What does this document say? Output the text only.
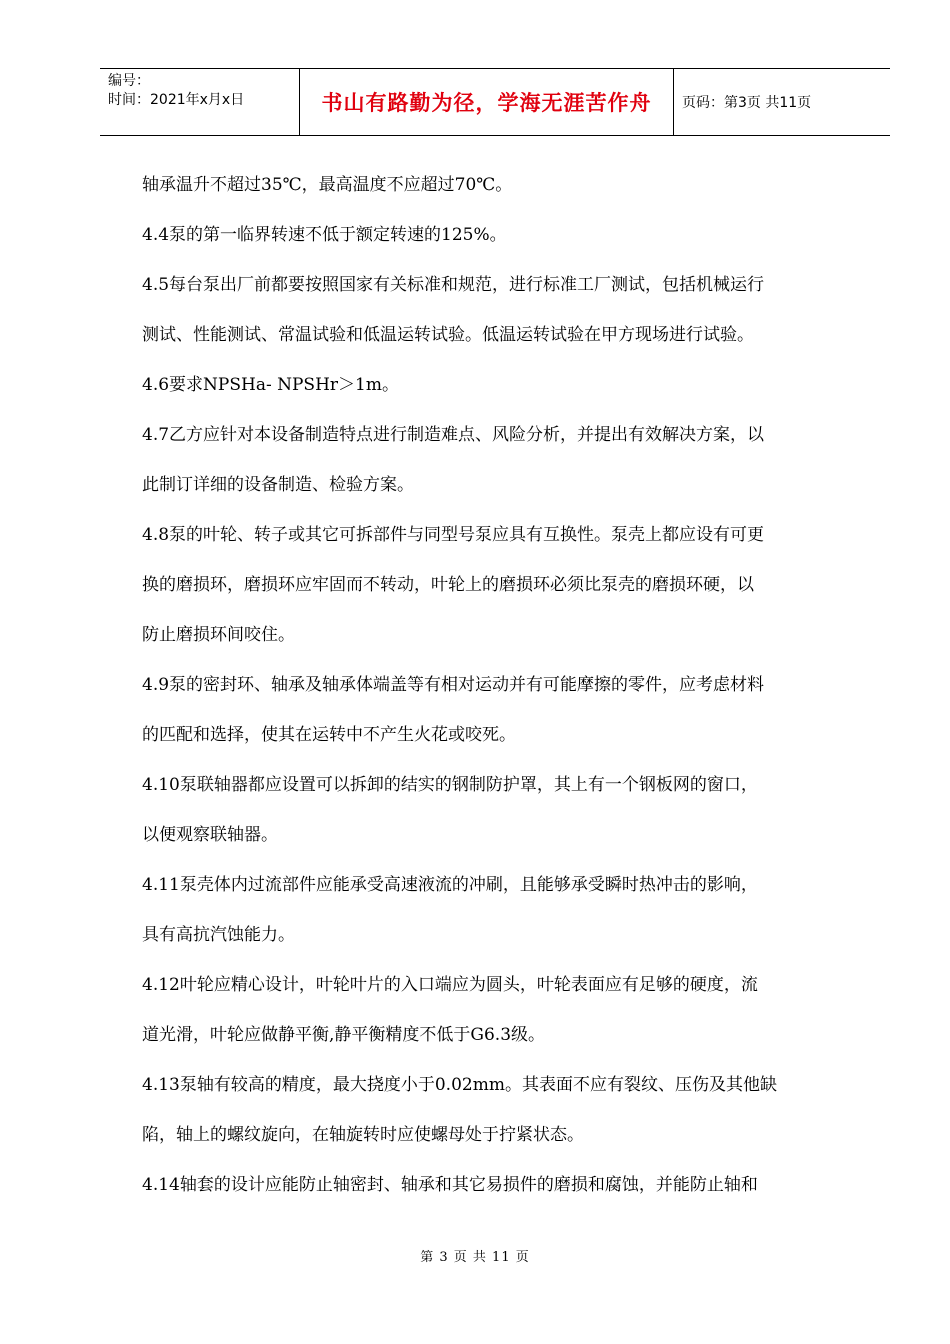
编号：
时间：2021年x月x日	书山有路勤为径，学海无涯苦作舟	页码：第3页 共11页

轴承温升不超过35℃，最高温度不应超过70℃。

4.4泵的第一临界转速不低于额定转速的125%。

4.5每台泵出厂前都要按照国家有关标准和规范，进行标准工厂测试，包括机械运行

测试、性能测试、常温试验和低温运转试验。低温运转试验在甲方现场进行试验。

4.6要求NPSHa- NPSHr＞1m。

4.7乙方应针对本设备制造特点进行制造难点、风险分析，并提出有效解决方案，以

此制订详细的设备制造、检验方案。

4.8泵的叶轮、转子或其它可拆部件与同型号泵应具有互换性。泵壳上都应设有可更

换的磨损环，磨损环应牢固而不转动，叶轮上的磨损环必须比泵壳的磨损环硬，以

防止磨损环间咬住。

4.9泵的密封环、轴承及轴承体端盖等有相对运动并有可能摩擦的零件，应考虑材料

的匹配和选择，使其在运转中不产生火花或咬死。

4.10泵联轴器都应设置可以拆卸的结实的钢制防护罩，其上有一个钢板网的窗口，

以便观察联轴器。

4.11泵壳体内过流部件应能承受高速液流的冲刷，且能够承受瞬时热冲击的影响，

具有高抗汽蚀能力。

4.12叶轮应精心设计，叶轮叶片的入口端应为圆头，叶轮表面应有足够的硬度，流

道光滑，叶轮应做静平衡,静平衡精度不低于G6.3级。

4.13泵轴有较高的精度，最大挠度小于0.02mm。其表面不应有裂纹、压伤及其他缺

陷，轴上的螺纹旋向，在轴旋转时应使螺母处于拧紧状态。

4.14轴套的设计应能防止轴密封、轴承和其它易损件的磨损和腐蚀，并能防止轴和

第 3 页 共 11 页
